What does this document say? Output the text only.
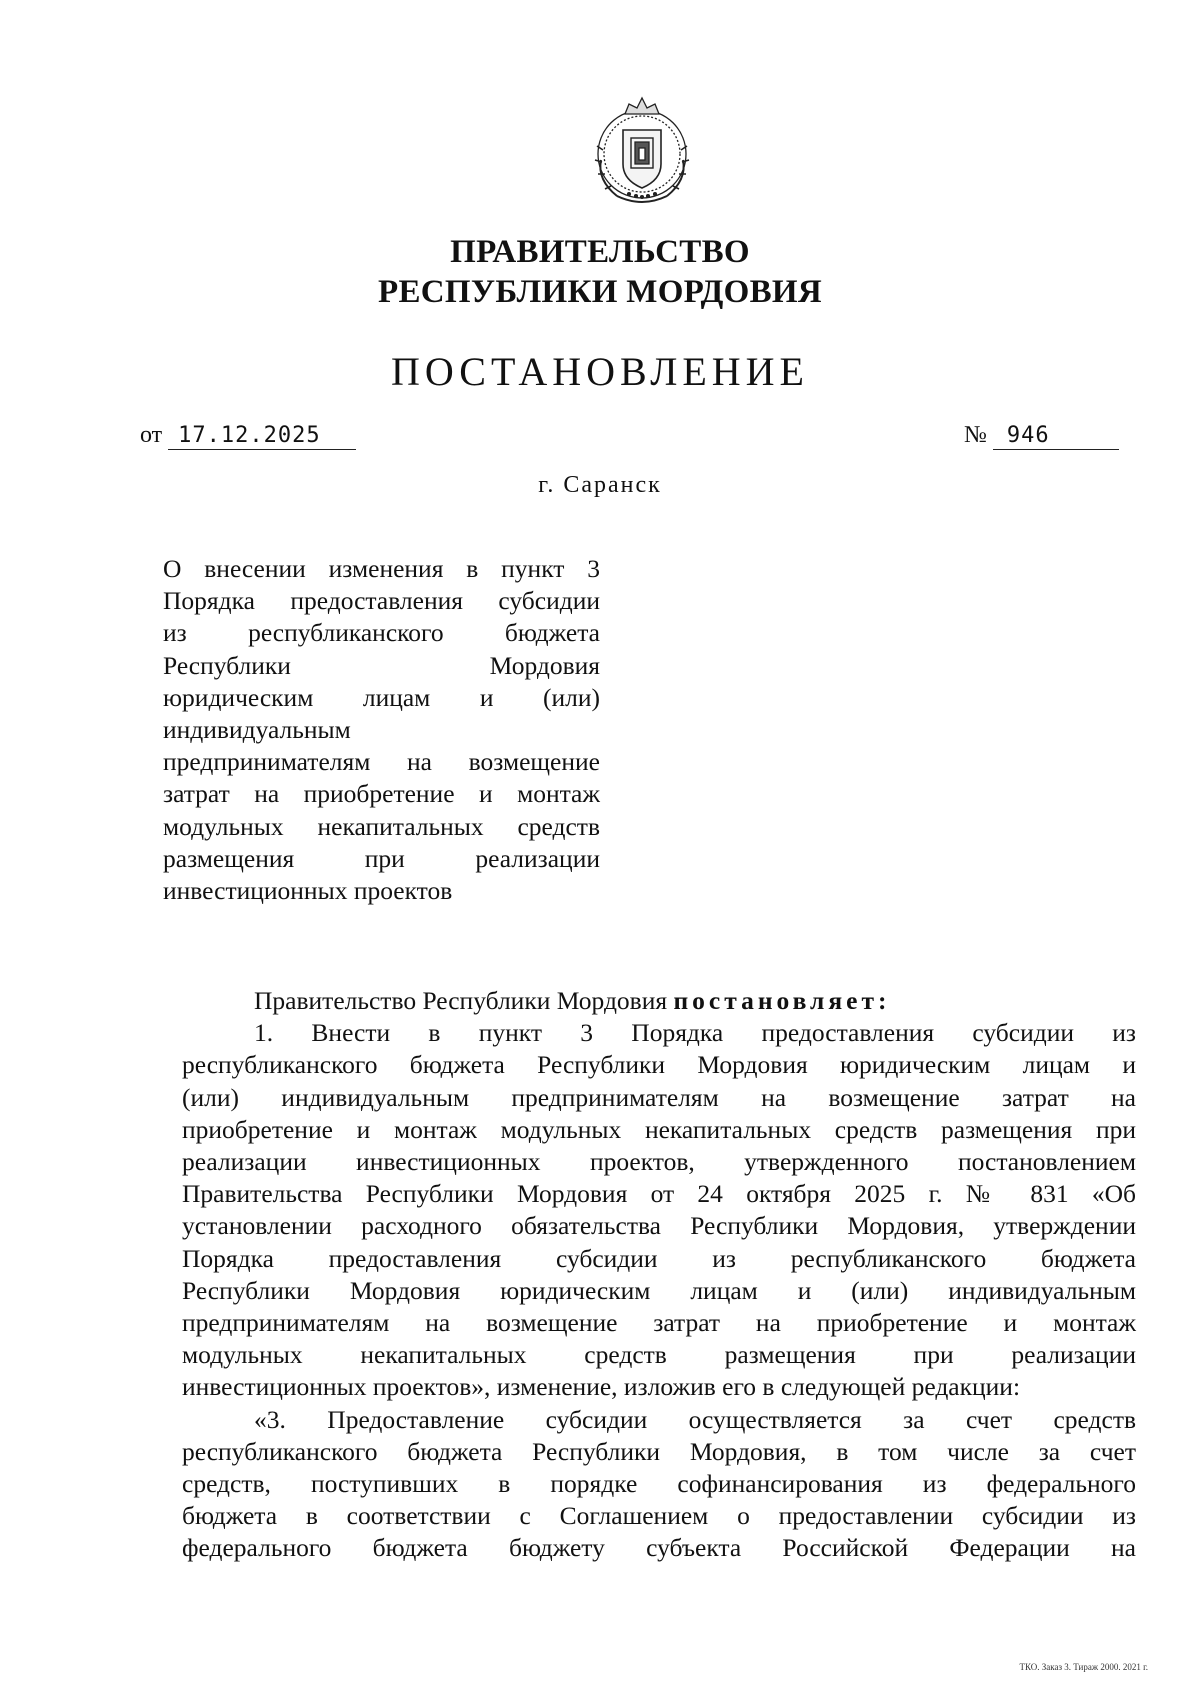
ПРАВИТЕЛЬСТВО
РЕСПУБЛИКИ МОРДОВИЯ
ПОСТАНОВЛЕНИЕ
от 17.12.2025	№ 946
г. Саранск
О внесении изменения в пункт 3
Порядка предоставления субсидии
из республиканского бюджета
Республики Мордовия
юридическим лицам и (или)
индивидуальным
предпринимателям на возмещение
затрат на приобретение и монтаж
модульных некапитальных средств
размещения при реализации
инвестиционных проектов
Правительство Республики Мордовия постановляет:
1. Внести в пункт 3 Порядка предоставления субсидии из
республиканского бюджета Республики Мордовия юридическим лицам и
(или) индивидуальным предпринимателям на возмещение затрат на
приобретение и монтаж модульных некапитальных средств размещения при
реализации инвестиционных проектов, утвержденного постановлением
Правительства Республики Мордовия от 24 октября 2025 г. № 831 «Об
установлении расходного обязательства Республики Мордовия, утверждении
Порядка предоставления субсидии из республиканского бюджета
Республики Мордовия юридическим лицам и (или) индивидуальным
предпринимателям на возмещение затрат на приобретение и монтаж
модульных некапитальных средств размещения при реализации
инвестиционных проектов», изменение, изложив его в следующей редакции:
«3. Предоставление субсидии осуществляется за счет средств
республиканского бюджета Республики Мордовия, в том числе за счет
средств, поступивших в порядке софинансирования из федерального
бюджета в соответствии с Соглашением о предоставлении субсидии из
федерального бюджета бюджету субъекта Российской Федерации на
ТКО. Заказ 3. Тираж 2000. 2021 г.
